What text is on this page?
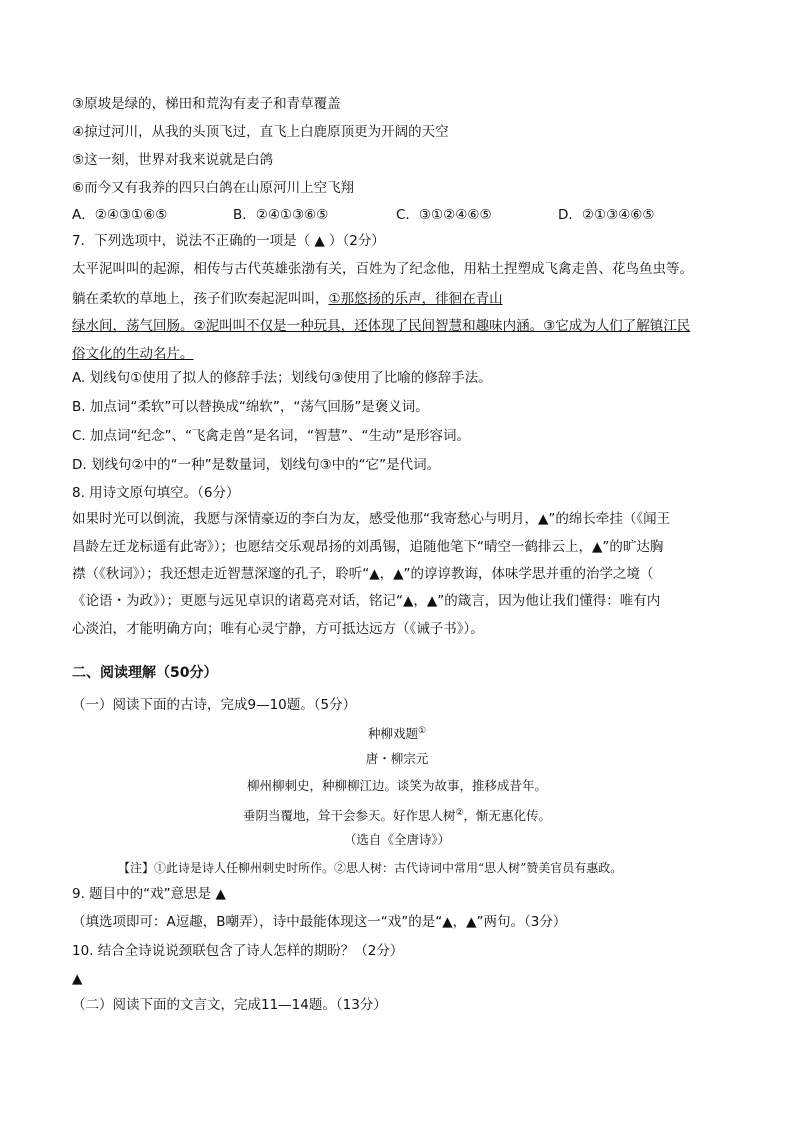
③原坡是绿的，梯田和荒沟有麦子和青草覆盖
④掠过河川，从我的头顶飞过，直飞上白鹿原顶更为开阔的天空
⑤这一刻，世界对我来说就是白鸽
⑥而今又有我养的四只白鸽在山原河川上空飞翔
A．②④③①⑥⑤	B．②④①③⑥⑤	C．③①②④⑥⑤	D．②①③④⑥⑤
7．下列选项中，说法不正确的一项是（ ▲ ）（2分）
太平泥叫叫的起源，相传与古代英雄张渤有关，百姓为了纪念他，用粘土捏塑成飞禽走兽、花鸟鱼虫等。
躺在柔软的草地上，孩子们吹奏起泥叫叫，①那悠扬的乐声，徘徊在青山
绿水间，荡气回肠。②泥叫叫不仅是一种玩具，还体现了民间智慧和趣味内涵。③它成为人们了解镇江民
俗文化的生动名片。
A. 划线句①使用了拟人的修辞手法；划线句③使用了比喻的修辞手法。
B. 加点词“柔软”可以替换成“绵软”，“荡气回肠”是褒义词。
C. 加点词“纪念”、“飞禽走兽”是名词，“智慧”、“生动”是形容词。
D. 划线句②中的“一种”是数量词，划线句③中的“它”是代词。
8. 用诗文原句填空。（6分）
如果时光可以倒流，我愿与深情豪迈的李白为友，感受他那“我寄愁心与明月，▲”的绵长牵挂（《闻王
昌龄左迁龙标遥有此寄》）；也愿结交乐观昂扬的刘禹锡，追随他笔下“晴空一鹤排云上，▲”的旷达胸
襟（《秋词》）；我还想走近智慧深邃的孔子，聆听“▲，▲”的谆谆教诲，体味学思并重的治学之境（
《论语・为政》）；更愿与远见卓识的诸葛亮对话，铭记“▲，▲”的箴言，因为他让我们懂得：唯有内
心淡泊，才能明确方向；唯有心灵宁静，方可抵达远方（《诫子书》）。
二、阅读理解（50分）
（一）阅读下面的古诗，完成9—10题。（5分）
种柳戏题①
唐・柳宗元
柳州柳刺史，种柳柳江边。谈笑为故事，推移成昔年。
垂阴当覆地，耸干会参天。好作思人树②，惭无惠化传。
（选自《全唐诗》）
【注】①此诗是诗人任柳州刺史时所作。②思人树：古代诗词中常用“思人树”赞美官员有惠政。
9. 题目中的“戏”意思是 ▲
（填选项即可：A逗趣，B嘲弄），诗中最能体现这一“戏”的是“▲，▲”两句。（3分）
10. 结合全诗说说颈联包含了诗人怎样的期盼？（2分）
▲
（二）阅读下面的文言文，完成11—14题。（13分）
